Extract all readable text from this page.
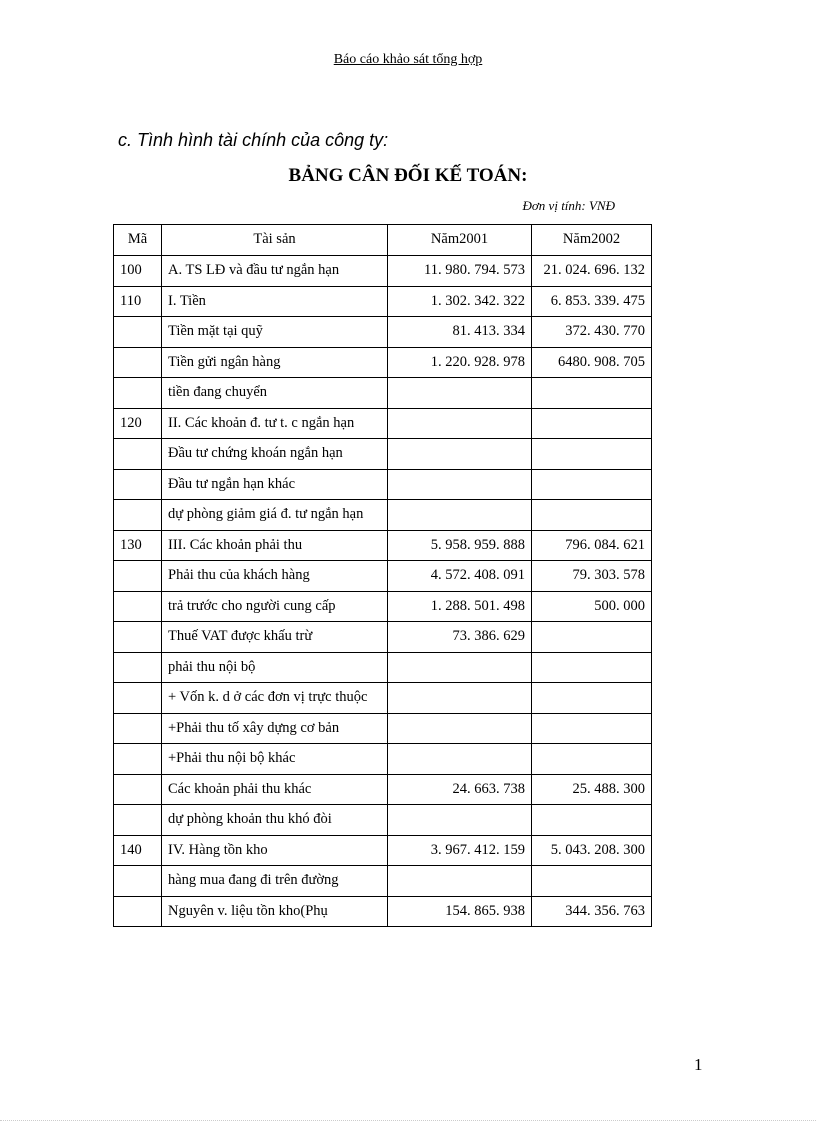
Báo cáo khảo sát tổng hợp
c. Tình hình tài chính của công ty:
BẢNG CÂN ĐỐI KẾ TOÁN:
Đơn vị tính: VNĐ
Mã	Tài sản	Năm2001	Năm2002
100	A. TS LĐ và đầu tư ngắn hạn	11. 980. 794. 573	21. 024. 696. 132
110	I. Tiền	1. 302. 342. 322	6. 853. 339. 475
	Tiền mặt tại quỹ	81. 413. 334	372. 430. 770
	Tiền gửi ngân hàng	1. 220. 928. 978	6480. 908. 705
	tiền đang chuyển		
120	II. Các khoản đ. tư t. c ngắn hạn		
	Đầu tư chứng khoán ngắn hạn		
	Đầu tư ngắn hạn khác		
	dự phòng giảm giá đ. tư ngắn hạn		
130	III. Các khoản phải thu	5. 958. 959. 888	796. 084. 621
	Phải thu của khách hàng	4. 572. 408. 091	79. 303. 578
	trả trước cho người cung cấp	1. 288. 501. 498	500. 000
	Thuế VAT được khấu trừ	73. 386. 629	
	phải thu nội bộ		
	+ Vốn k. d ở các đơn vị trực thuộc		
	+Phải thu tố xây dựng cơ bản		
	+Phải thu nội bộ khác		
	Các khoản phải thu khác	24. 663. 738	25. 488. 300
	dự phòng khoản thu khó đòi		
140	IV. Hàng tồn kho	3. 967. 412. 159	5. 043. 208. 300
	hàng mua đang đi trên đường		
	Nguyên v. liệu tồn kho(Phụ	154. 865. 938	344. 356. 763
1
